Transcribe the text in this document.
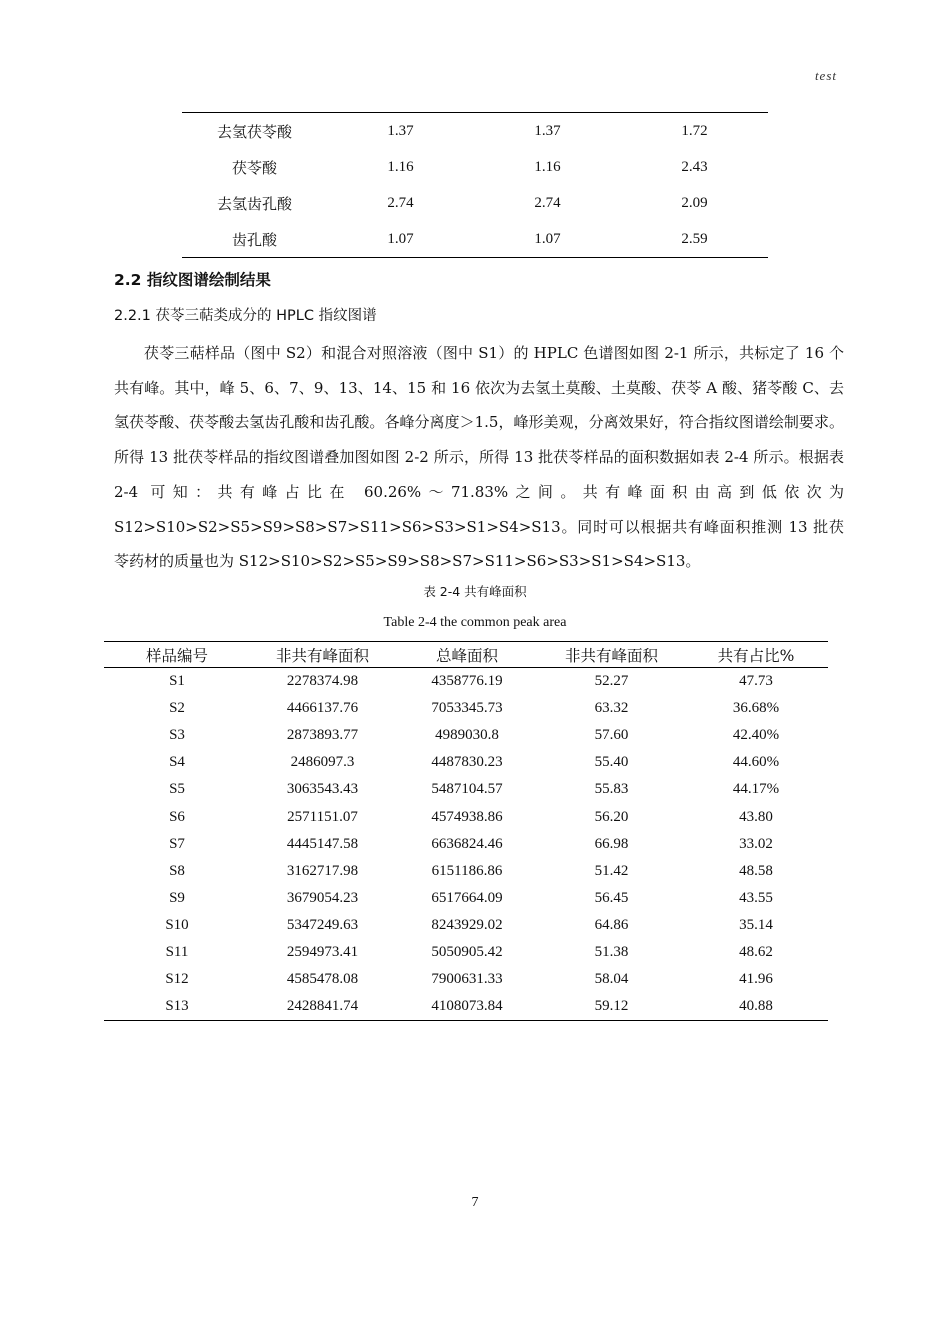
test
去氢茯苓酸	1.37	1.37	1.72
茯苓酸	1.16	1.16	2.43
去氢齿孔酸	2.74	2.74	2.09
齿孔酸	1.07	1.07	2.59
2.2 指纹图谱绘制结果
2.2.1 茯苓三萜类成分的 HPLC 指纹图谱

茯苓三萜样品（图中 S2）和混合对照溶液（图中 S1）的 HPLC 色谱图如图 2-1 所示，共标定了 16 个共有峰。其中，峰 5、6、7、9、13、14、15 和 16 依次为去氢土莫酸、土莫酸、茯苓 A 酸、猪苓酸 C、去氢茯苓酸、茯苓酸去氢齿孔酸和齿孔酸。各峰分离度＞1.5，峰形美观，分离效果好，符合指纹图谱绘制要求。所得 13 批茯苓样品的指纹图谱叠加图如图 2-2 所示，所得 13 批茯苓样品的面积数据如表 2-4 所示。根据表 2-4 可知：共有峰占比在 60.26%～71.83%之间。共有峰面积由高到低依次为 S12>S10>S2>S5>S9>S8>S7>S11>S6>S3>S1>S4>S13。同时可以根据共有峰面积推测 13 批茯苓药材的质量也为 S12>S10>S2>S5>S9>S8>S7>S11>S6>S3>S1>S4>S13。

表 2-4 共有峰面积
Table 2-4 the common peak area
样品编号	非共有峰面积	总峰面积	非共有峰面积	共有占比%
S1	2278374.98	4358776.19	52.27	47.73
S2	4466137.76	7053345.73	63.32	36.68%
S3	2873893.77	4989030.8	57.60	42.40%
S4	2486097.3	4487830.23	55.40	44.60%
S5	3063543.43	5487104.57	55.83	44.17%
S6	2571151.07	4574938.86	56.20	43.80
S7	4445147.58	6636824.46	66.98	33.02
S8	3162717.98	6151186.86	51.42	48.58
S9	3679054.23	6517664.09	56.45	43.55
S10	5347249.63	8243929.02	64.86	35.14
S11	2594973.41	5050905.42	51.38	48.62
S12	4585478.08	7900631.33	58.04	41.96
S13	2428841.74	4108073.84	59.12	40.88
7
